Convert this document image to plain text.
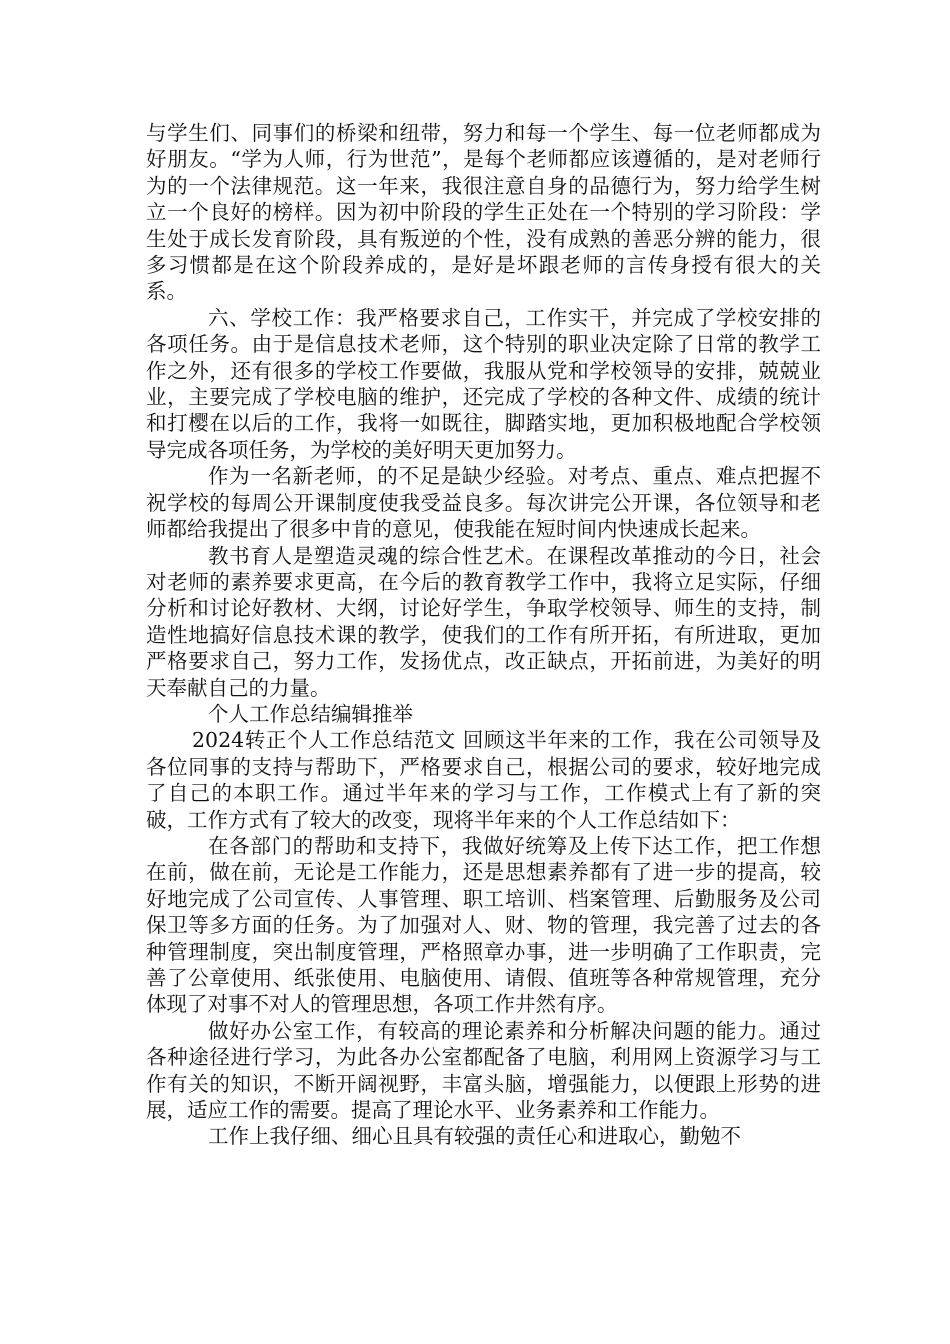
与学生们、同事们的桥梁和纽带，努力和每一个学生、每一位老师都成为好朋友。“学为人师，行为世范”，是每个老师都应该遵循的，是对老师行为的一个法律规范。这一年来，我很注意自身的品德行为，努力给学生树立一个良好的榜样。因为初中阶段的学生正处在一个特别的学习阶段：学生处于成长发育阶段，具有叛逆的个性，没有成熟的善恶分辨的能力，很多习惯都是在这个阶段养成的，是好是坏跟老师的言传身授有很大的关系。

六、学校工作：我严格要求自己，工作实干，并完成了学校安排的各项任务。由于是信息技术老师，这个特别的职业决定除了日常的教学工作之外，还有很多的学校工作要做，我服从党和学校领导的安排，兢兢业业，主要完成了学校电脑的维护，还完成了学校的各种文件、成绩的统计和打樱在以后的工作，我将一如既往，脚踏实地，更加积极地配合学校领导完成各项任务，为学校的美好明天更加努力。

作为一名新老师，的不足是缺少经验。对考点、重点、难点把握不祝学校的每周公开课制度使我受益良多。每次讲完公开课，各位领导和老师都给我提出了很多中肯的意见，使我能在短时间内快速成长起来。

教书育人是塑造灵魂的综合性艺术。在课程改革推动的今日，社会对老师的素养要求更高，在今后的教育教学工作中，我将立足实际，仔细分析和讨论好教材、大纲，讨论好学生，争取学校领导、师生的支持，制造性地搞好信息技术课的教学，使我们的工作有所开拓，有所进取，更加严格要求自己，努力工作，发扬优点，改正缺点，开拓前进，为美好的明天奉献自己的力量。

个人工作总结编辑推举

2024转正个人工作总结范文 回顾这半年来的工作，我在公司领导及各位同事的支持与帮助下，严格要求自己，根据公司的要求，较好地完成了自己的本职工作。通过半年来的学习与工作，工作模式上有了新的突破，工作方式有了较大的改变，现将半年来的个人工作总结如下：

在各部门的帮助和支持下，我做好统筹及上传下达工作，把工作想在前，做在前，无论是工作能力，还是思想素养都有了进一步的提高，较好地完成了公司宣传、人事管理、职工培训、档案管理、后勤服务及公司保卫等多方面的任务。为了加强对人、财、物的管理，我完善了过去的各种管理制度，突出制度管理，严格照章办事，进一步明确了工作职责，完善了公章使用、纸张使用、电脑使用、请假、值班等各种常规管理，充分体现了对事不对人的管理思想，各项工作井然有序。

做好办公室工作，有较高的理论素养和分析解决问题的能力。通过各种途径进行学习，为此各办公室都配备了电脑，利用网上资源学习与工作有关的知识，不断开阔视野，丰富头脑，增强能力，以便跟上形势的进展，适应工作的需要。提高了理论水平、业务素养和工作能力。

工作上我仔细、细心且具有较强的责任心和进取心，勤勉不
